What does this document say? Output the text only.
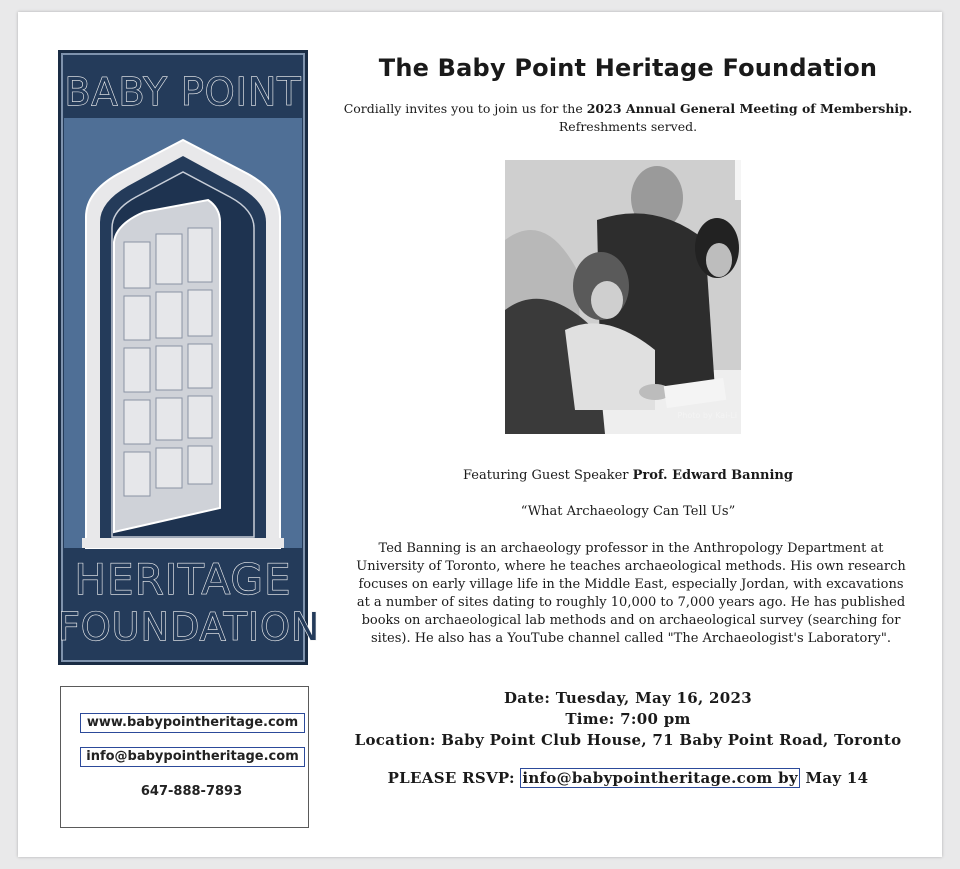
BABY POINT
HERITAGE
FOUNDATION
www.babypointheritage.com
info@babypointheritage.com
647-888-7893
The Baby Point Heritage Foundation
Cordially invites you to join us for the 2023 Annual General Meeting of Membership.
Refreshments served.
Photo by Kai-Li
Featuring Guest Speaker Prof. Edward Banning
“What Archaeology Can Tell Us”
Ted Banning is an archaeology professor in the Anthropology Department at University of Toronto, where he teaches archaeological methods. His own research focuses on early village life in the Middle East, especially Jordan, with excavations at a number of sites dating to roughly 10,000 to 7,000 years ago. He has published books on archaeological lab methods and on archaeological survey (searching for sites). He also has a YouTube channel called "The Archaeologist's Laboratory".
Date: Tuesday, May 16, 2023
Time: 7:00 pm
Location: Baby Point Club House, 71 Baby Point Road, Toronto
PLEASE RSVP: info@babypointheritage.com by May 14
